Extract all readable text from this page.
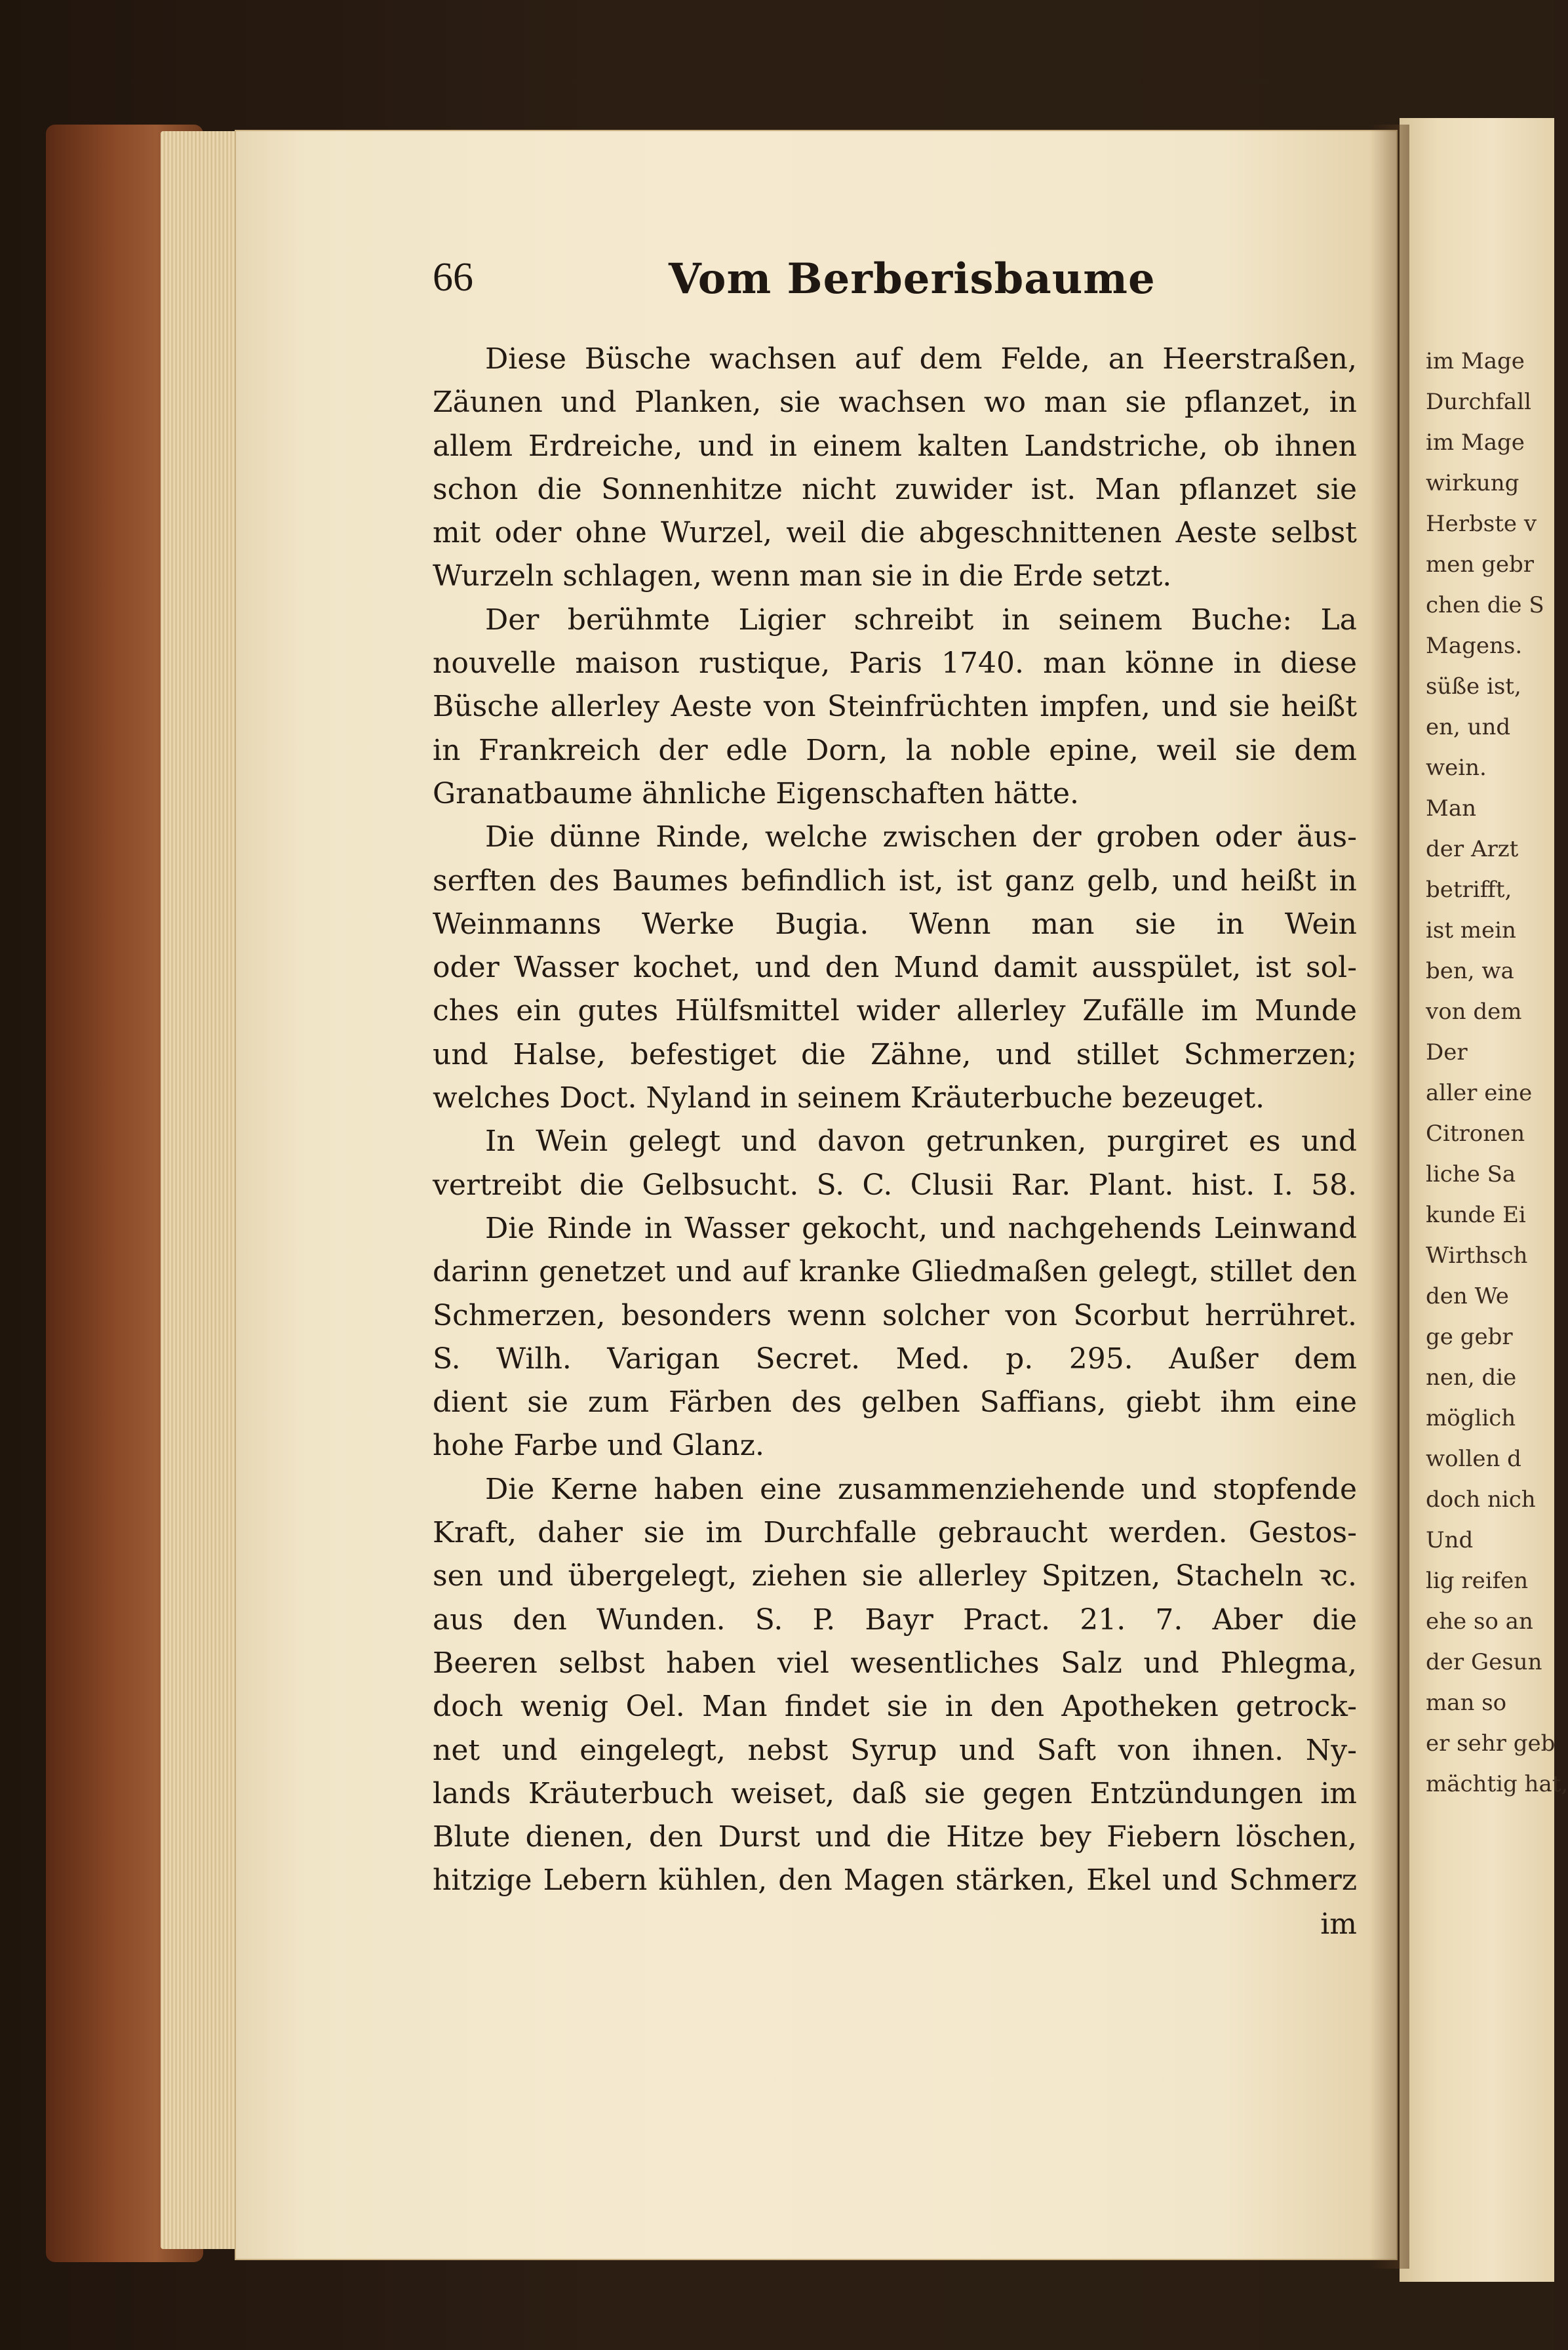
im Mage
Durchfall
im Mage
wirkung
Herbste v
men gebr
chen die S
Magens.
süße ist,
en, und
wein.
Man
der Arzt
betrifft,
ist mein
ben, wa
von dem
Der
aller eine
Citronen
liche Sa
kunde Ei
Wirthsch
den We
ge gebr
nen, die
möglich
wollen d
doch nich
Und
lig reifen
ehe so an
der Gesun
man so
er sehr geb
mächtig hat,
66	Vom Berberisbaume
Diese Büsche wachsen auf dem Felde, an Heerstraßen,
Zäunen und Planken, sie wachsen wo man sie pflanzet, in
allem Erdreiche, und in einem kalten Landstriche, ob ihnen
schon die Sonnenhitze nicht zuwider ist. Man pflanzet sie
mit oder ohne Wurzel, weil die abgeschnittenen Aeste selbst
Wurzeln schlagen, wenn man sie in die Erde setzt.
Der berühmte Ligier schreibt in seinem Buche: La
nouvelle maison rustique, Paris 1740. man könne in diese
Büsche allerley Aeste von Steinfrüchten impfen, und sie heißt
in Frankreich der edle Dorn, la noble epine, weil sie dem
Granatbaume ähnliche Eigenschaften hätte.
Die dünne Rinde, welche zwischen der groben oder äus-
serften des Baumes befindlich ist, ist ganz gelb, und heißt in
Weinmanns Werke Bugia. Wenn man sie in Wein
oder Wasser kochet, und den Mund damit ausspület, ist sol-
ches ein gutes Hülfsmittel wider allerley Zufälle im Munde
und Halse, befestiget die Zähne, und stillet Schmerzen;
welches Doct. Nyland in seinem Kräuterbuche bezeuget.
In Wein gelegt und davon getrunken, purgiret es und
vertreibt die Gelbsucht. S. C. Clusii Rar. Plant. hist. I. 58.
Die Rinde in Wasser gekocht, und nachgehends Leinwand
darinn genetzet und auf kranke Gliedmaßen gelegt, stillet den
Schmerzen, besonders wenn solcher von Scorbut herrühret.
S. Wilh. Varigan Secret. Med. p. 295. Außer dem
dient sie zum Färben des gelben Saffians, giebt ihm eine
hohe Farbe und Glanz.
Die Kerne haben eine zusammenziehende und stopfende
Kraft, daher sie im Durchfalle gebraucht werden. Gestos-
sen und übergelegt, ziehen sie allerley Spitzen, Stacheln ꝛc.
aus den Wunden. S. P. Bayr Pract. 21. 7. Aber die
Beeren selbst haben viel wesentliches Salz und Phlegma,
doch wenig Oel. Man findet sie in den Apotheken getrock-
net und eingelegt, nebst Syrup und Saft von ihnen. Ny-
lands Kräuterbuch weiset, daß sie gegen Entzündungen im
Blute dienen, den Durst und die Hitze bey Fiebern löschen,
hitzige Lebern kühlen, den Magen stärken, Ekel und Schmerz
im
